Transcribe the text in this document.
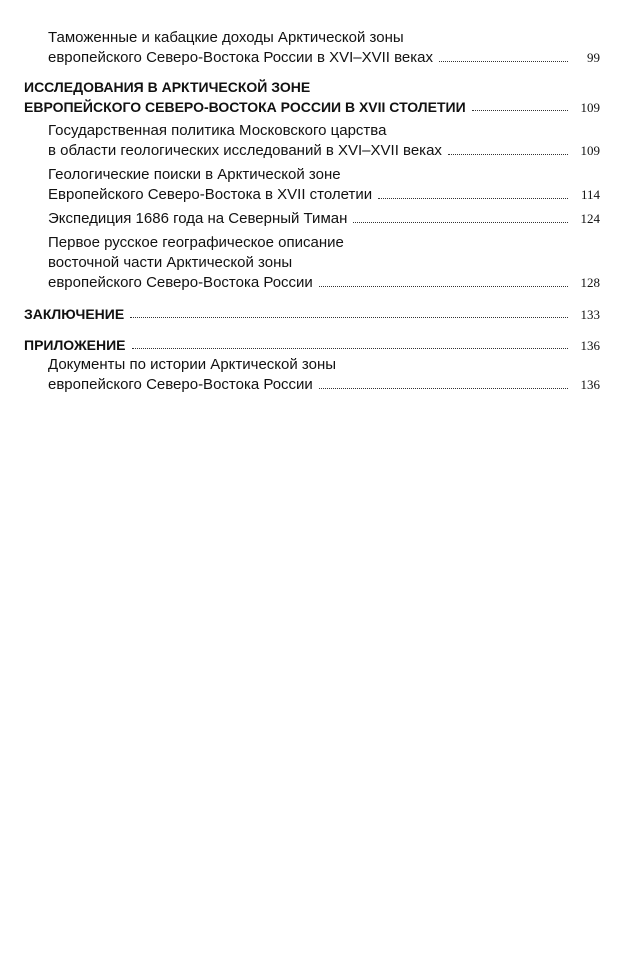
Таможенные и кабацкие доходы Арктической зоны
европейского Северо-Востока России в XVI–XVII веках	99
ИССЛЕДОВАНИЯ В АРКТИЧЕСКОЙ ЗОНЕ
ЕВРОПЕЙСКОГО СЕВЕРО-ВОСТОКА РОССИИ В XVII СТОЛЕТИИ	109
Государственная политика Московского царства
в области геологических исследований в XVI–XVII веках	109
Геологические поиски в Арктической зоне
Европейского Северо-Востока в XVII столетии	114
Экспедиция 1686 года на Северный Тиман	124
Первое русское географическое описание
восточной части Арктической зоны
европейского Северо-Востока России	128
ЗАКЛЮЧЕНИЕ	133
ПРИЛОЖЕНИЕ	136
Документы по истории Арктической зоны
европейского Северо-Востока России	136
